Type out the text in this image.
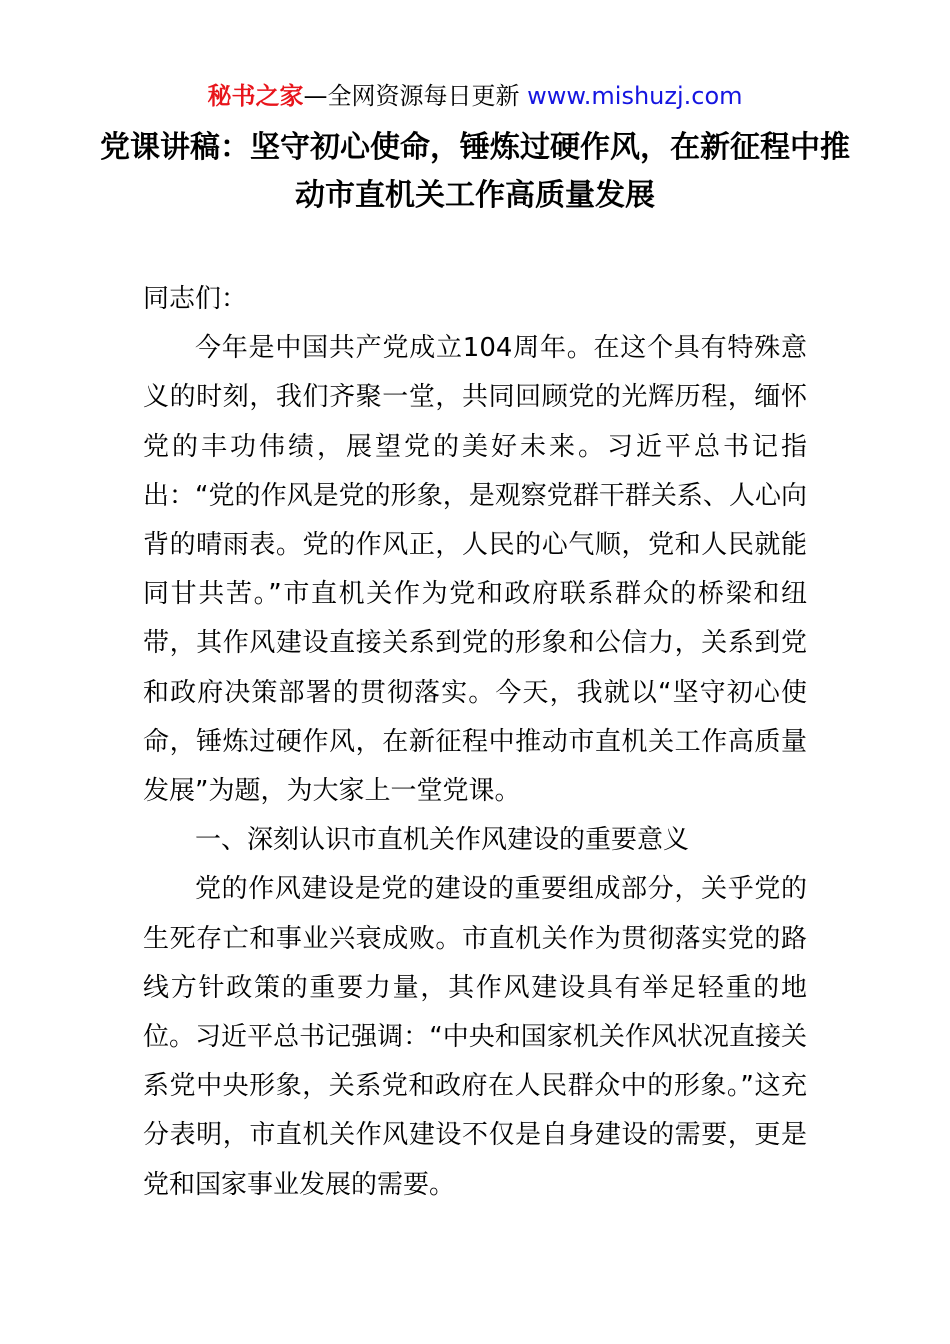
秘书之家—全网资源每日更新 www.mishuzj.com
党课讲稿：坚守初心使命，锤炼过硬作风，在新征程中推动市直机关工作高质量发展

同志们：

今年是中国共产党成立104周年。在这个具有特殊意义的时刻，我们齐聚一堂，共同回顾党的光辉历程，缅怀党的丰功伟绩，展望党的美好未来。习近平总书记指出：“党的作风是党的形象，是观察党群干群关系、人心向背的晴雨表。党的作风正，人民的心气顺，党和人民就能同甘共苦。”市直机关作为党和政府联系群众的桥梁和纽带，其作风建设直接关系到党的形象和公信力，关系到党和政府决策部署的贯彻落实。今天，我就以“坚守初心使命，锤炼过硬作风，在新征程中推动市直机关工作高质量发展”为题，为大家上一堂党课。

一、深刻认识市直机关作风建设的重要意义

党的作风建设是党的建设的重要组成部分，关乎党的生死存亡和事业兴衰成败。市直机关作为贯彻落实党的路线方针政策的重要力量，其作风建设具有举足轻重的地位。习近平总书记强调：“中央和国家机关作风状况直接关系党中央形象，关系党和政府在人民群众中的形象。”这充分表明，市直机关作风建设不仅是自身建设的需要，更是党和国家事业发展的需要。
